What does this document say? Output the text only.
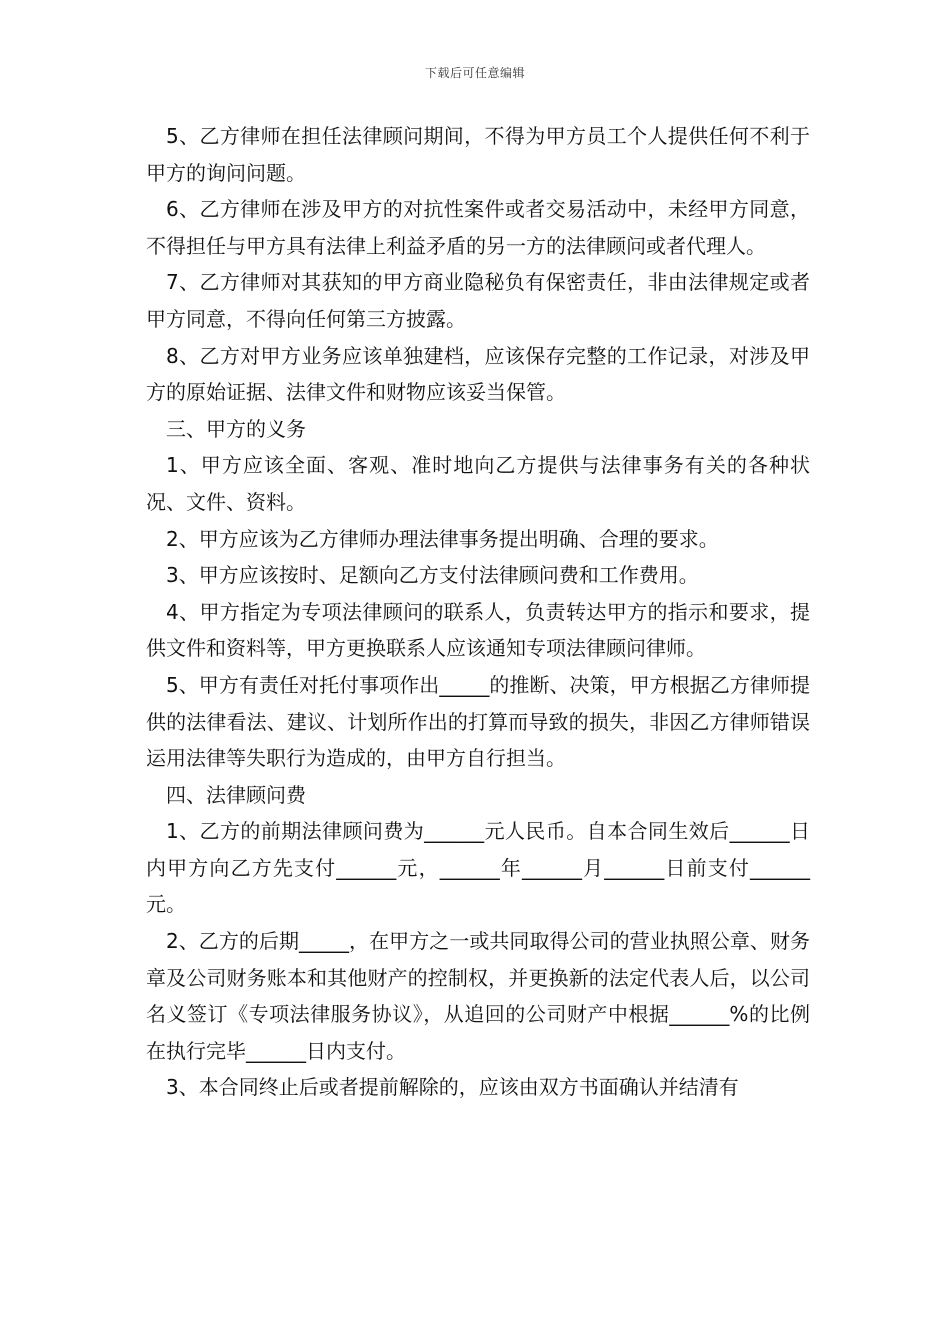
下载后可任意编辑

5、乙方律师在担任法律顾问期间，不得为甲方员工个人提供任何不利于甲方的询问问题。

6、乙方律师在涉及甲方的对抗性案件或者交易活动中，未经甲方同意，不得担任与甲方具有法律上利益矛盾的另一方的法律顾问或者代理人。

7、乙方律师对其获知的甲方商业隐秘负有保密责任，非由法律规定或者甲方同意，不得向任何第三方披露。

8、乙方对甲方业务应该单独建档，应该保存完整的工作记录，对涉及甲方的原始证据、法律文件和财物应该妥当保管。

三、甲方的义务

1、甲方应该全面、客观、准时地向乙方提供与法律事务有关的各种状况、文件、资料。

2、甲方应该为乙方律师办理法律事务提出明确、合理的要求。

3、甲方应该按时、足额向乙方支付法律顾问费和工作费用。

4、甲方指定为专项法律顾问的联系人，负责转达甲方的指示和要求，提供文件和资料等，甲方更换联系人应该通知专项法律顾问律师。

5、甲方有责任对托付事项作出_____的推断、决策，甲方根据乙方律师提供的法律看法、建议、计划所作出的打算而导致的损失，非因乙方律师错误运用法律等失职行为造成的，由甲方自行担当。

四、法律顾问费

1、乙方的前期法律顾问费为______元人民币。自本合同生效后______日内甲方向乙方先支付______元，______年______月______日前支付______元。

2、乙方的后期_____，在甲方之一或共同取得公司的营业执照公章、财务章及公司财务账本和其他财产的控制权，并更换新的法定代表人后，以公司名义签订《专项法律服务协议》，从追回的公司财产中根据______%的比例在执行完毕______日内支付。

3、本合同终止后或者提前解除的，应该由双方书面确认并结清有
